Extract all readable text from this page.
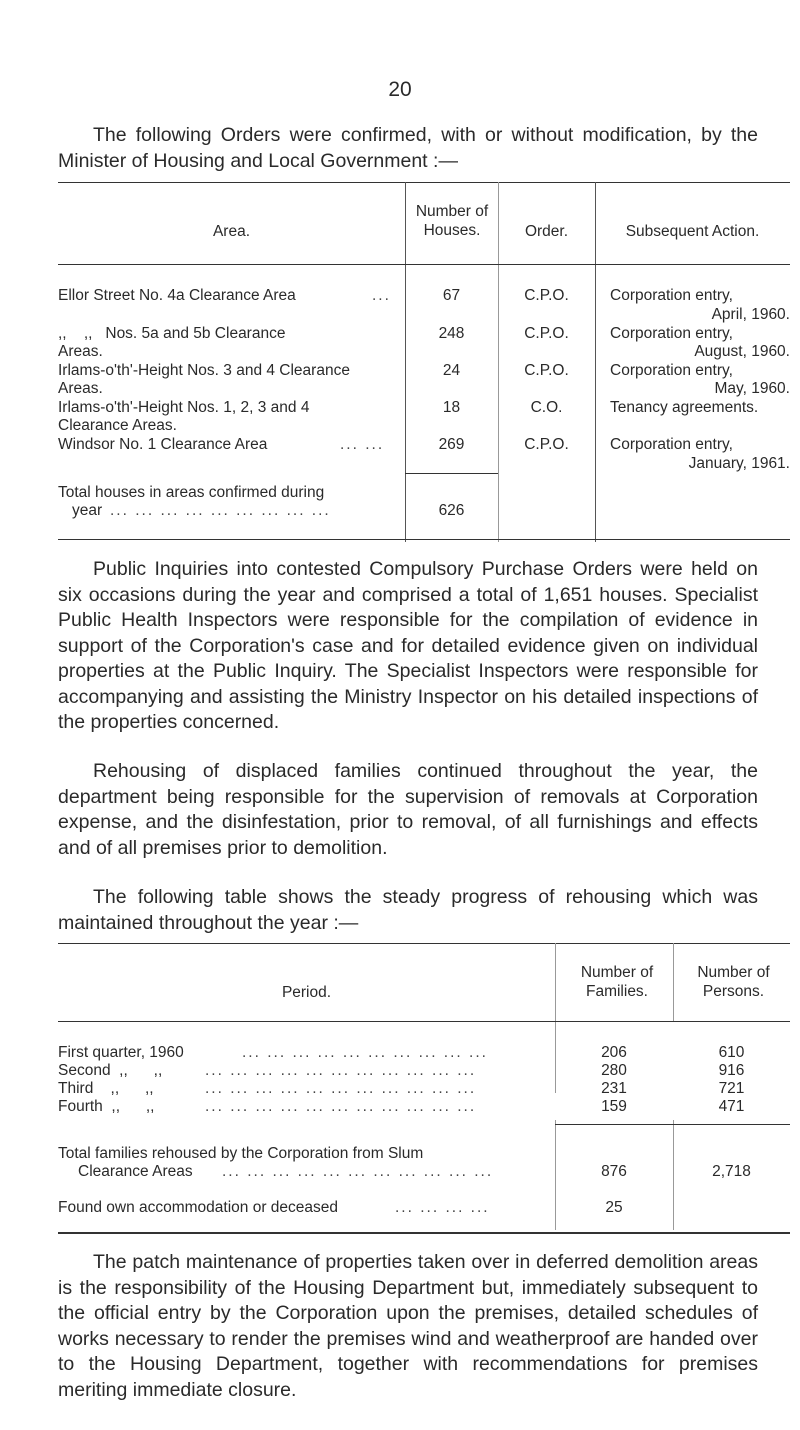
20
The following Orders were confirmed, with or without modification, by the Minister of Housing and Local Government :—
Area.
Number of Houses.	Order.	Subsequent Action.
Ellor Street No. 4a Clearance Area	...	67	C.P.O.	Corporation entry,
April, 1960.
,,    ,,   Nos. 5a and 5b Clearance
Areas.
248	C.P.O.	Corporation entry,
August, 1960.
Irlams-o'th'-Height Nos. 3 and 4 Clearance
Areas.
24	C.P.O.	Corporation entry,
May, 1960.
Irlams-o'th'-Height Nos. 1, 2, 3 and 4
Clearance Areas.
18	C.O.	Tenancy agreements.
Windsor No. 1 Clearance Area	... ...	269	C.P.O.	Corporation entry,
January, 1961.
Total houses in areas confirmed during
year ... ... ... ... ... ... ... ... ...	626
Public Inquiries into contested Compulsory Purchase Orders were held on six occasions during the year and comprised a total of 1,651 houses. Specialist Public Health Inspectors were responsible for the compilation of evidence in support of the Corporation's case and for detailed evidence given on individual properties at the Public Inquiry. The Specialist Inspectors were responsible for accompanying and assisting the Ministry Inspector on his detailed inspections of the properties concerned.
Rehousing of displaced families continued throughout the year, the department being responsible for the supervision of removals at Corporation expense, and the disinfestation, prior to removal, of all furnishings and effects and of all premises prior to demolition.
The following table shows the steady progress of rehousing which was maintained throughout the year :—
Period.
Number of Families.
Number of Persons.
First quarter, 1960	... ... ... ... ... ... ... ... ... ...	206	610
Second  ,,      ,,	... ... ... ... ... ... ... ... ... ... ...	280	916
Third    ,,      ,,	... ... ... ... ... ... ... ... ... ... ...	231	721
Fourth  ,,      ,,	... ... ... ... ... ... ... ... ... ... ...	159	471
Total families rehoused by the Corporation from Slum
Clearance Areas ... ... ... ... ... ... ... ... ... ... ...	876	2,718
Found own accommodation or deceased	... ... ... ...	25
The patch maintenance of properties taken over in deferred demolition areas is the responsibility of the Housing Department but, immediately subsequent to the official entry by the Corporation upon the premises, detailed schedules of works necessary to render the premises wind and weatherproof are handed over to the Housing Department, together with recommendations for premises meriting immediate closure.
